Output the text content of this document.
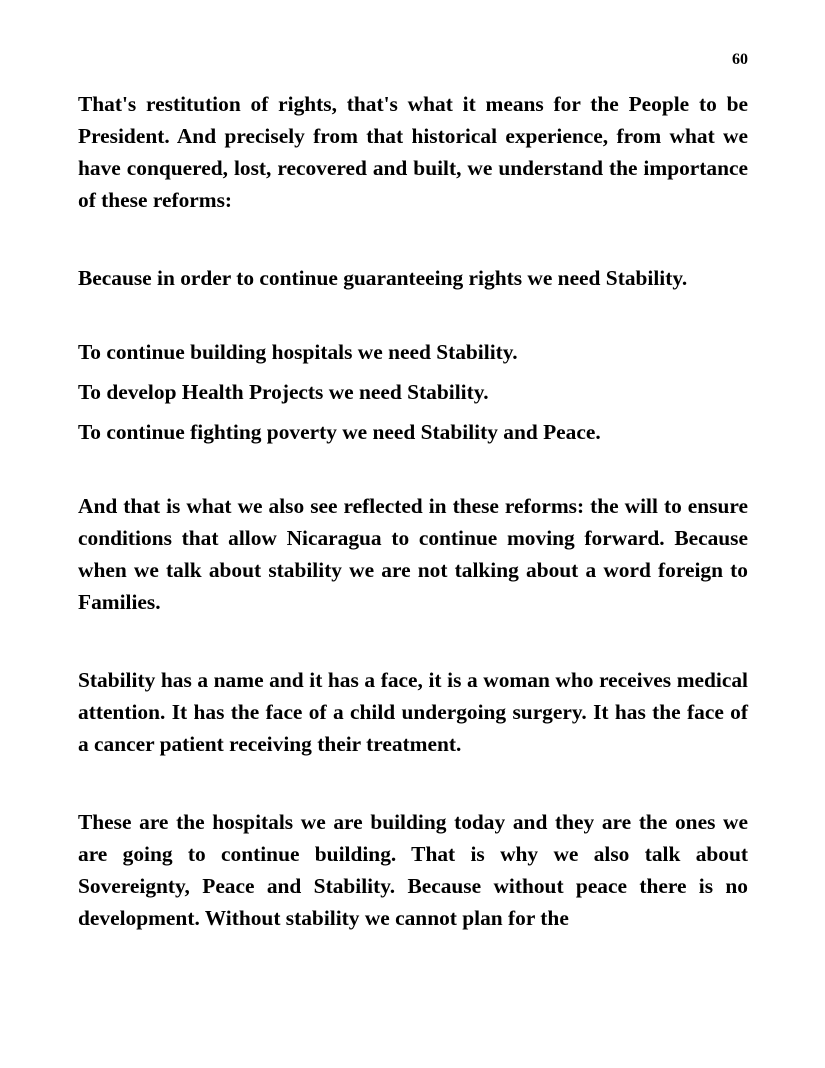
60

That's restitution of rights, that's what it means for the People to be President. And precisely from that historical experience, from what we have conquered, lost, recovered and built, we understand the importance of these reforms:

Because in order to continue guaranteeing rights we need Stability.

To continue building hospitals we need Stability.
To develop Health Projects we need Stability.
To continue fighting poverty we need Stability and Peace.

And that is what we also see reflected in these reforms: the will to ensure conditions that allow Nicaragua to continue moving forward. Because when we talk about stability we are not talking about a word foreign to Families.

Stability has a name and it has a face, it is a woman who receives medical attention. It has the face of a child undergoing surgery. It has the face of a cancer patient receiving their treatment.

These are the hospitals we are building today and they are the ones we are going to continue building. That is why we also talk about Sovereignty, Peace and Stability. Because without peace there is no development. Without stability we cannot plan for the
